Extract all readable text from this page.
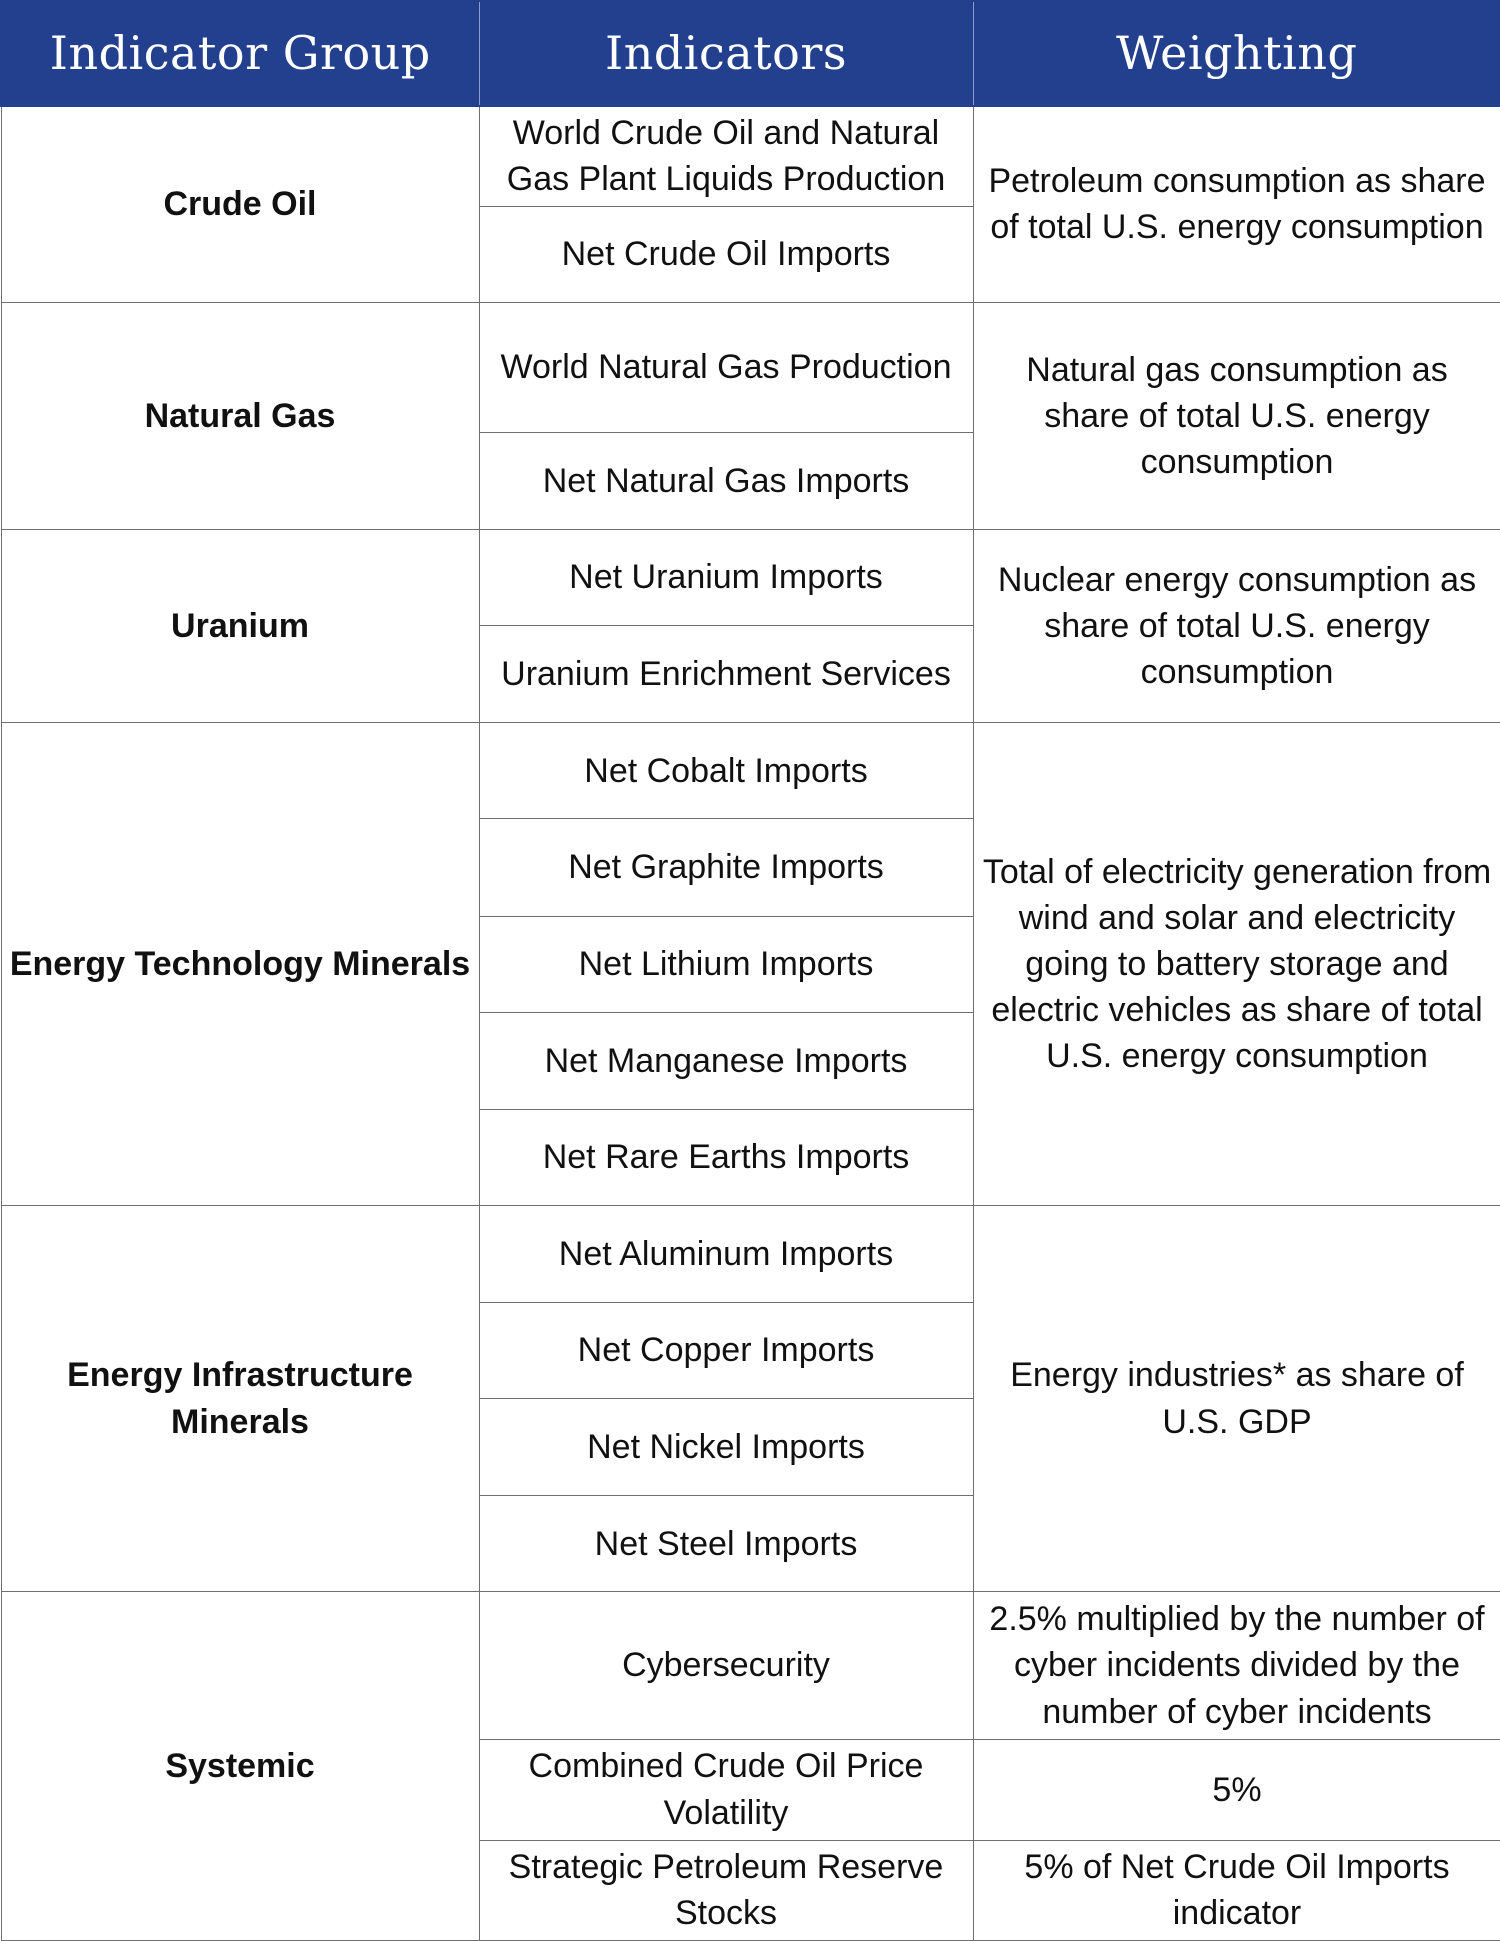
Indicator Group	Indicators	Weighting
Crude Oil	World Crude Oil and Natural Gas Plant Liquids Production	Petroleum consumption as share of total U.S. energy consumption
	Net Crude Oil Imports	
Natural Gas	World Natural Gas Production	Natural gas consumption as share of total U.S. energy consumption
	Net Natural Gas Imports	
Uranium	Net Uranium Imports	Nuclear energy consumption as share of total U.S. energy consumption
	Uranium Enrichment Services	
Energy Technology Minerals	Net Cobalt Imports	Total of electricity generation from wind and solar and electricity going to battery storage and electric vehicles as share of total U.S. energy consumption
	Net Graphite Imports	
	Net Lithium Imports	
	Net Manganese Imports	
	Net Rare Earths Imports	
Energy Infrastructure Minerals	Net Aluminum Imports	Energy industries* as share of U.S. GDP
	Net Copper Imports	
	Net Nickel Imports	
	Net Steel Imports	
Systemic	Cybersecurity	2.5% multiplied by the number of cyber incidents divided by the number of cyber incidents
	Combined Crude Oil Price Volatility	5%
	Strategic Petroleum Reserve Stocks	5% of Net Crude Oil Imports indicator
